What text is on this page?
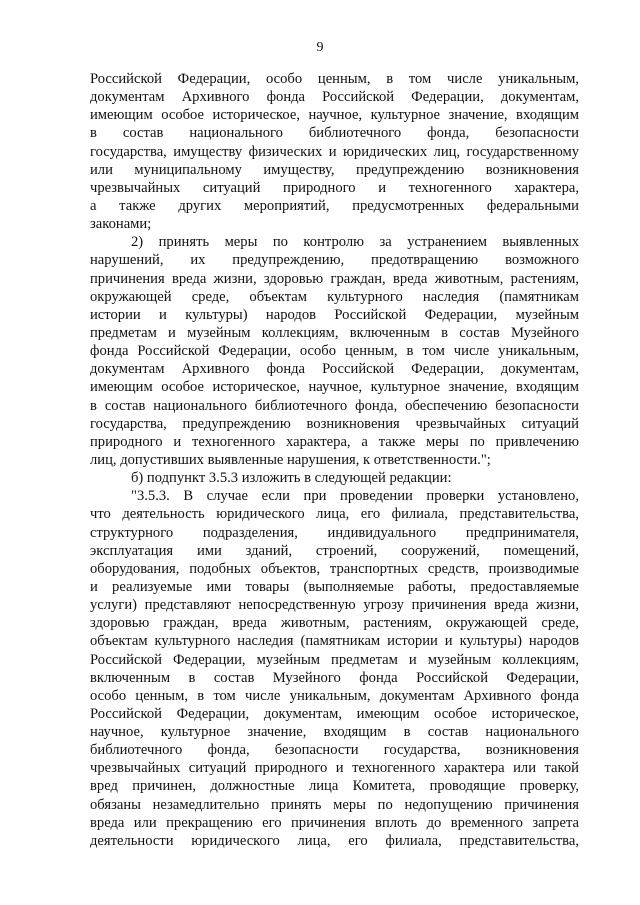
9
Российской Федерации, особо ценным, в том числе уникальным,
документам Архивного фонда Российской Федерации, документам,
имеющим особое историческое, научное, культурное значение, входящим
в состав национального библиотечного фонда, безопасности
государства, имуществу физических и юридических лиц, государственному
или муниципальному имуществу, предупреждению возникновения
чрезвычайных ситуаций природного и техногенного характера,
а также других мероприятий, предусмотренных федеральными
законами;
2) принять меры по контролю за устранением выявленных
нарушений, их предупреждению, предотвращению возможного
причинения вреда жизни, здоровью граждан, вреда животным, растениям,
окружающей среде, объектам культурного наследия (памятникам
истории и культуры) народов Российской Федерации, музейным
предметам и музейным коллекциям, включенным в состав Музейного
фонда Российской Федерации, особо ценным, в том числе уникальным,
документам Архивного фонда Российской Федерации, документам,
имеющим особое историческое, научное, культурное значение, входящим
в состав национального библиотечного фонда, обеспечению безопасности
государства, предупреждению возникновения чрезвычайных ситуаций
природного и техногенного характера, а также меры по привлечению
лиц, допустивших выявленные нарушения, к ответственности.";
б) подпункт 3.5.3 изложить в следующей редакции:
"3.5.3. В случае если при проведении проверки установлено,
что деятельность юридического лица, его филиала, представительства,
структурного подразделения, индивидуального предпринимателя,
эксплуатация ими зданий, строений, сооружений, помещений,
оборудования, подобных объектов, транспортных средств, производимые
и реализуемые ими товары (выполняемые работы, предоставляемые
услуги) представляют непосредственную угрозу причинения вреда жизни,
здоровью граждан, вреда животным, растениям, окружающей среде,
объектам культурного наследия (памятникам истории и культуры) народов
Российской Федерации, музейным предметам и музейным коллекциям,
включенным в состав Музейного фонда Российской Федерации,
особо ценным, в том числе уникальным, документам Архивного фонда
Российской Федерации, документам, имеющим особое историческое,
научное, культурное значение, входящим в состав национального
библиотечного фонда, безопасности государства, возникновения
чрезвычайных ситуаций природного и техногенного характера или такой
вред причинен, должностные лица Комитета, проводящие проверку,
обязаны незамедлительно принять меры по недопущению причинения
вреда или прекращению его причинения вплоть до временного запрета
деятельности юридического лица, его филиала, представительства,
